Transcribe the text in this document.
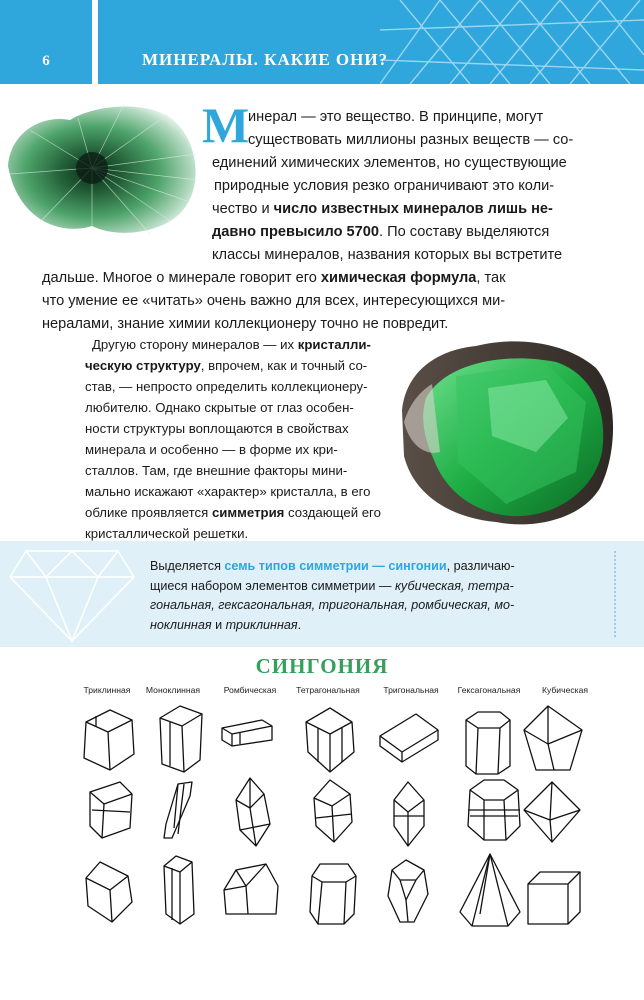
6	МИНЕРАЛЫ. КАКИЕ ОНИ?
М
инерал — это вещество. В принципе, могут
существовать миллионы разных веществ — со-
единений химических элементов, но существующие
природные условия резко ограничивают это коли-
чество и число известных минералов лишь не-
давно превысило 5700. По составу выделяются
классы минералов, названия которых вы встретите
дальше. Многое о минерале говорит его химическая формула, так
что умение ее «читать» очень важно для всех, интересующихся ми-
нералами, знание химии коллекционеру точно не повредит.
Другую сторону минералов — их кристалли-
ческую структуру, впрочем, как и точный со-
став, — непросто определить коллекционеру-
любителю. Однако скрытые от глаз особен-
ности структуры воплощаются в свойствах
минерала и особенно — в форме их кри-
сталлов. Там, где внешние факторы мини-
мально искажают «характер» кристалла, в его
облике проявляется симметрия создающей его
кристаллической решетки.
Выделяется семь типов симметрии — сингонии, различаю-
щиеся набором элементов симметрии — кубическая, тетра-
гональная, гексагональная, тригональная, ромбическая, мо-
ноклинная и триклинная.
СИНГОНИЯ
Триклинная	Моноклинная	Ромбическая	Тетрагональная	Тригональная	Гексагональная	Кубическая
